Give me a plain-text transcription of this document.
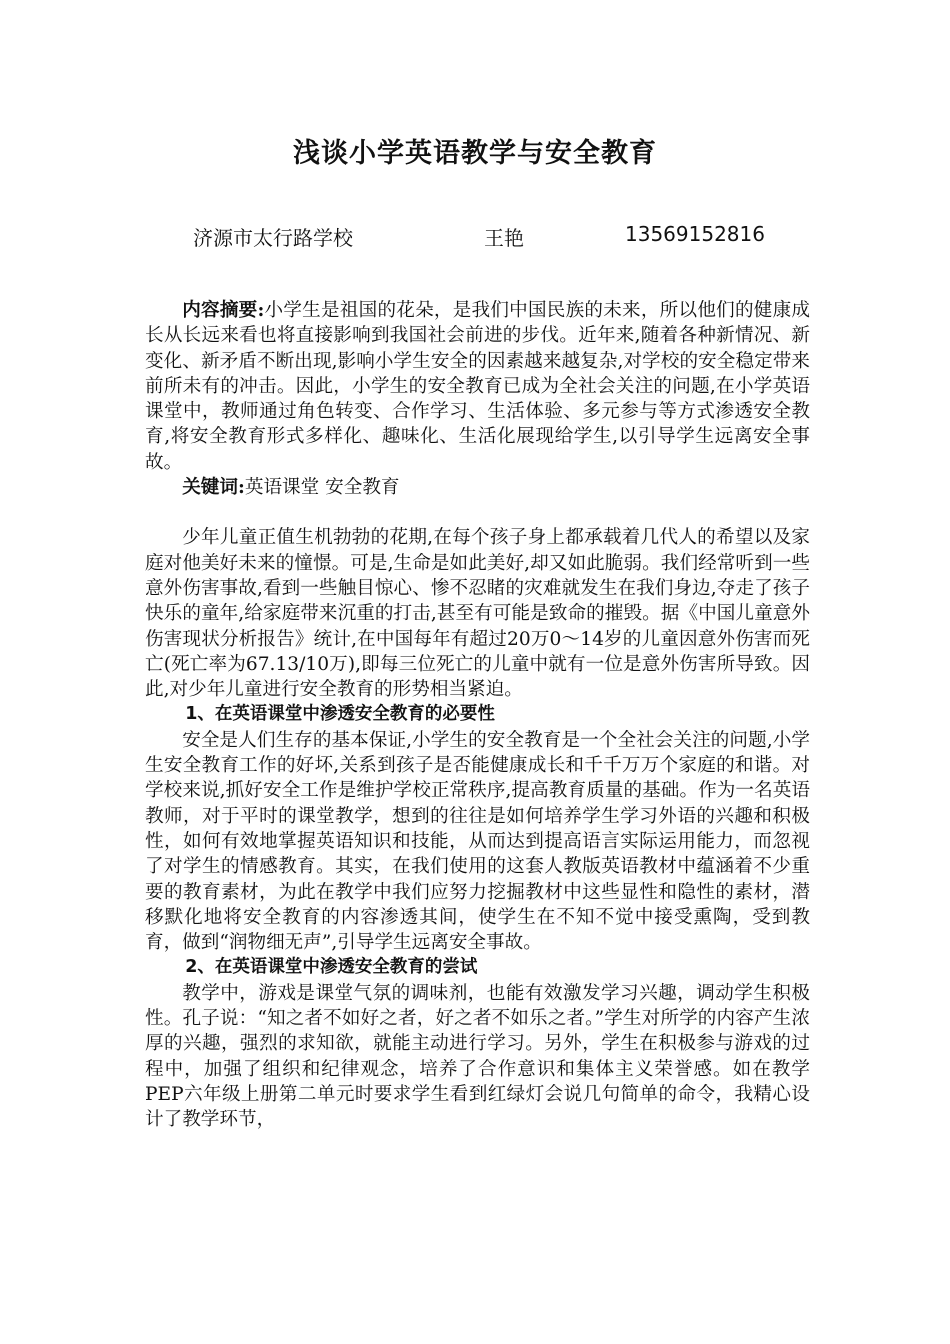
浅谈小学英语教学与安全教育
济源市太行路学校	王艳	13569152816

内容摘要:小学生是祖国的花朵，是我们中国民族的未来，所以他们的健康成长从长远来看也将直接影响到我国社会前进的步伐。近年来,随着各种新情况、新变化、新矛盾不断出现,影响小学生安全的因素越来越复杂,对学校的安全稳定带来前所未有的冲击。因此，小学生的安全教育已成为全社会关注的问题,在小学英语课堂中，教师通过角色转变、合作学习、生活体验、多元参与等方式渗透安全教育,将安全教育形式多样化、趣味化、生活化展现给学生,以引导学生远离安全事故。

关键词:英语课堂 安全教育

少年儿童正值生机勃勃的花期,在每个孩子身上都承载着几代人的希望以及家庭对他美好未来的憧憬。可是,生命是如此美好,却又如此脆弱。我们经常听到一些意外伤害事故,看到一些触目惊心、惨不忍睹的灾难就发生在我们身边,夺走了孩子快乐的童年,给家庭带来沉重的打击,甚至有可能是致命的摧毁。据《中国儿童意外伤害现状分析报告》统计,在中国每年有超过20万0～14岁的儿童因意外伤害而死亡(死亡率为67.13/10万),即每三位死亡的儿童中就有一位是意外伤害所导致。因此,对少年儿童进行安全教育的形势相当紧迫。

1、在英语课堂中渗透安全教育的必要性

安全是人们生存的基本保证,小学生的安全教育是一个全社会关注的问题,小学生安全教育工作的好坏,关系到孩子是否能健康成长和千千万万个家庭的和谐。对学校来说,抓好安全工作是维护学校正常秩序,提高教育质量的基础。作为一名英语教师，对于平时的课堂教学，想到的往往是如何培养学生学习外语的兴趣和积极性，如何有效地掌握英语知识和技能，从而达到提高语言实际运用能力，而忽视了对学生的情感教育。其实，在我们使用的这套人教版英语教材中蕴涵着不少重要的教育素材，为此在教学中我们应努力挖掘教材中这些显性和隐性的素材，潜移默化地将安全教育的内容渗透其间，使学生在不知不觉中接受熏陶，受到教育，做到“润物细无声”,引导学生远离安全事故。

2、在英语课堂中渗透安全教育的尝试

教学中，游戏是课堂气氛的调味剂，也能有效激发学习兴趣，调动学生积极性。孔子说：“知之者不如好之者，好之者不如乐之者。”学生对所学的内容产生浓厚的兴趣，强烈的求知欲，就能主动进行学习。另外，学生在积极参与游戏的过程中，加强了组织和纪律观念，培养了合作意识和集体主义荣誉感。如在教学PEP六年级上册第二单元时要求学生看到红绿灯会说几句简单的命令，我精心设计了教学环节，
